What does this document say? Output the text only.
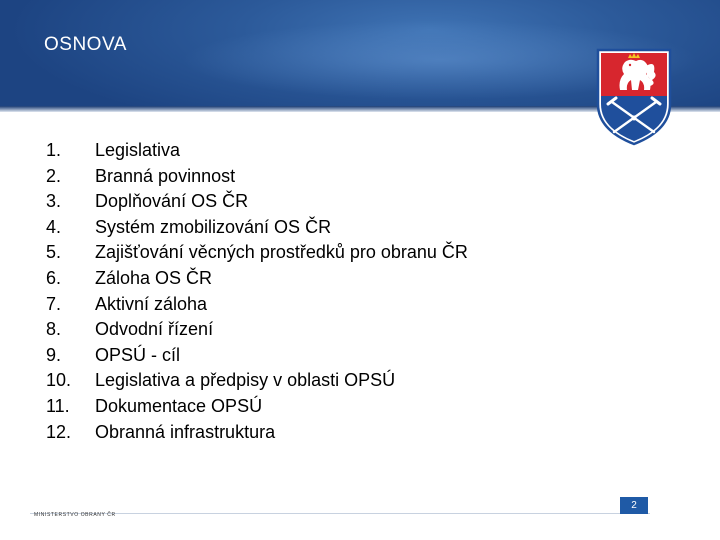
OSNOVA
1. Legislativa
2. Branná povinnost
3. Doplňování OS ČR
4. Systém zmobilizování OS ČR
5. Zajišťování věcných prostředků pro obranu ČR
6. Záloha OS ČR
7. Aktivní záloha
8. Odvodní řízení
9. OPSÚ - cíl
10. Legislativa a předpisy v oblasti OPSÚ
11. Dokumentace OPSÚ
12. Obranná infrastruktura
MINISTERSTVO OBRANY ČR
2
